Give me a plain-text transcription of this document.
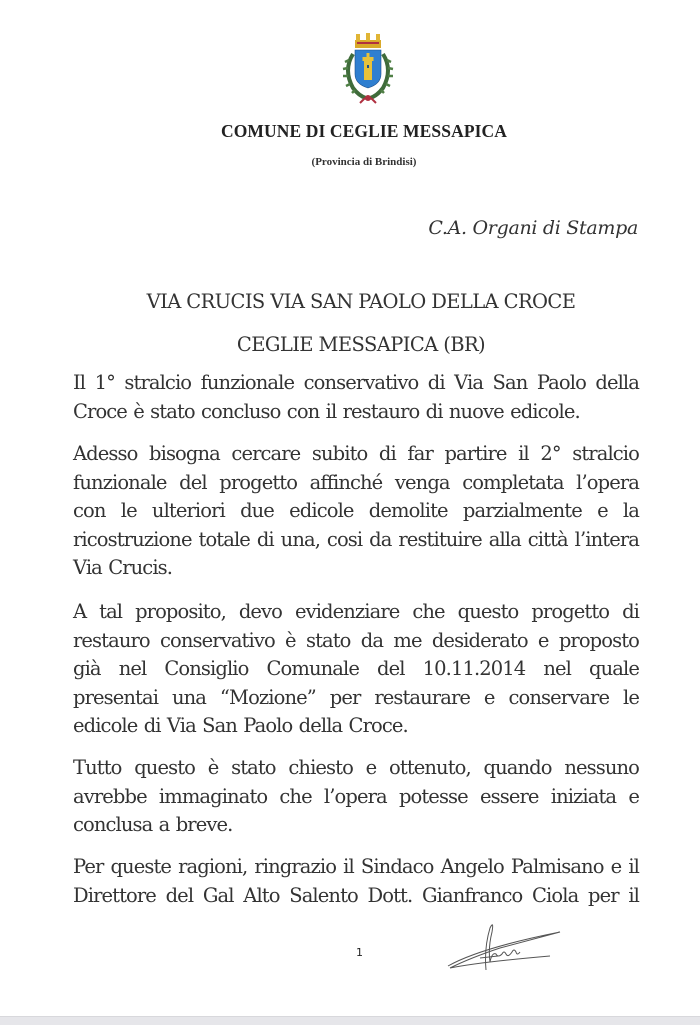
COMUNE DI CEGLIE MESSAPICA
(Provincia di Brindisi)
C.A. Organi di Stampa
VIA CRUCIS VIA SAN PAOLO DELLA CROCE
CEGLIE MESSAPICA (BR)

Il 1° stralcio funzionale conservativo di Via San Paolo della Croce è stato concluso con il restauro di nuove edicole.

Adesso bisogna cercare subito di far partire il 2° stralcio funzionale del progetto affinché venga completata l’opera con le ulteriori due edicole demolite parzialmente e la ricostruzione totale di una, cosi da restituire alla città l’intera Via Crucis.

A tal proposito, devo evidenziare che questo progetto di restauro conservativo è stato da me desiderato e proposto già nel Consiglio Comunale del 10.11.2014 nel quale presentai una “Mozione” per restaurare e conservare le edicole di Via San Paolo della Croce.

Tutto questo è stato chiesto e ottenuto, quando nessuno avrebbe immaginato che l’opera potesse essere iniziata e conclusa a breve.

Per queste ragioni, ringrazio il Sindaco Angelo Palmisano e il Direttore del Gal Alto Salento Dott. Gianfranco Ciola per il

1
